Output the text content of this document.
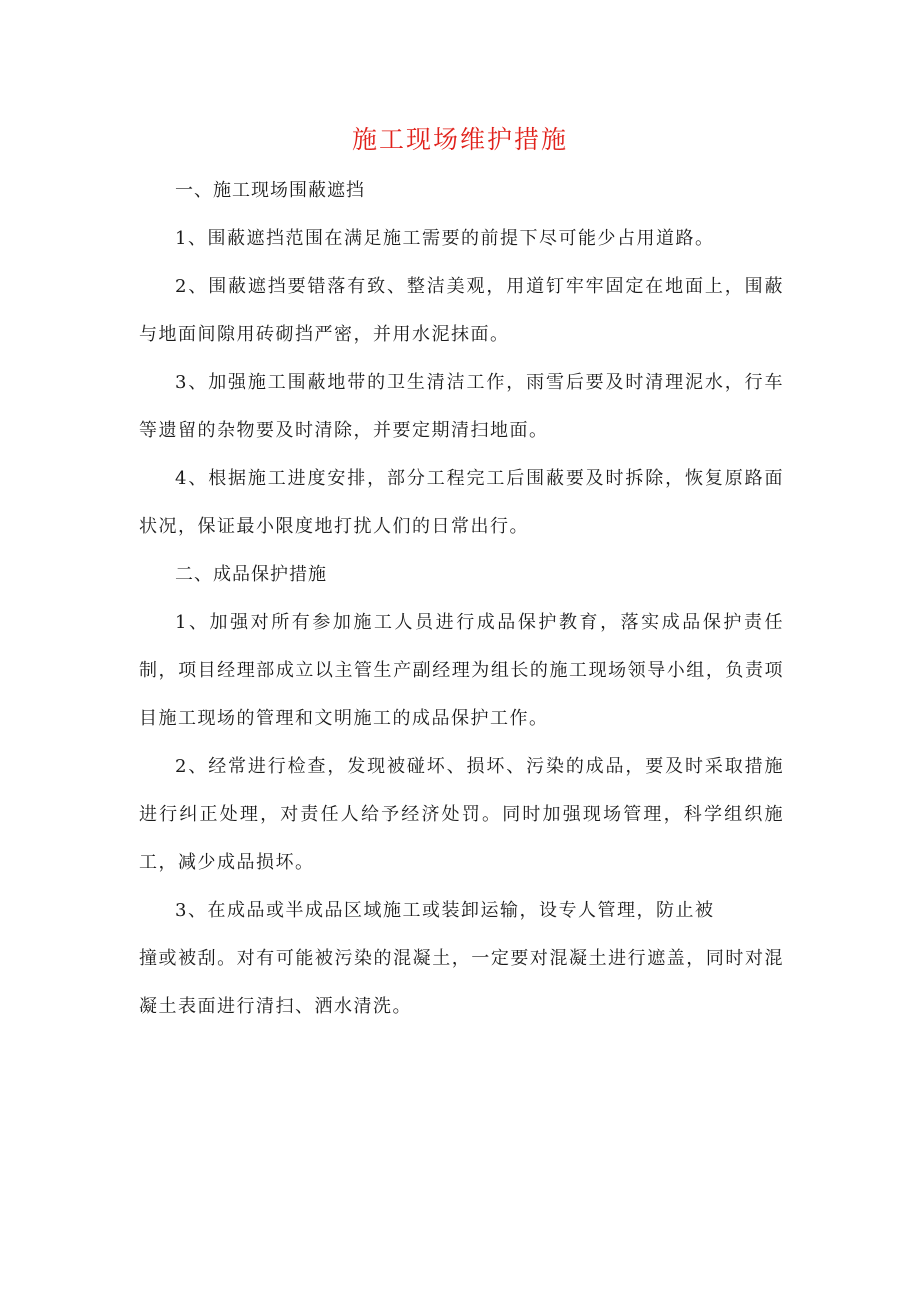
施工现场维护措施

一、施工现场围蔽遮挡

1、围蔽遮挡范围在满足施工需要的前提下尽可能少占用道路。

2、围蔽遮挡要错落有致、整洁美观，用道钉牢牢固定在地面上，围蔽与地面间隙用砖砌挡严密，并用水泥抹面。

3、加强施工围蔽地带的卫生清洁工作，雨雪后要及时清理泥水，行车等遗留的杂物要及时清除，并要定期清扫地面。

4、根据施工进度安排，部分工程完工后围蔽要及时拆除，恢复原路面状况，保证最小限度地打扰人们的日常出行。

二、成品保护措施

1、加强对所有参加施工人员进行成品保护教育，落实成品保护责任制，项目经理部成立以主管生产副经理为组长的施工现场领导小组，负责项目施工现场的管理和文明施工的成品保护工作。

2、经常进行检查，发现被碰坏、损坏、污染的成品，要及时采取措施进行纠正处理，对责任人给予经济处罚。同时加强现场管理，科学组织施工，减少成品损坏。

3、在成品或半成品区域施工或装卸运输，设专人管理，防止被

撞或被刮。对有可能被污染的混凝土，一定要对混凝土进行遮盖，同时对混凝土表面进行清扫、洒水清洗。
